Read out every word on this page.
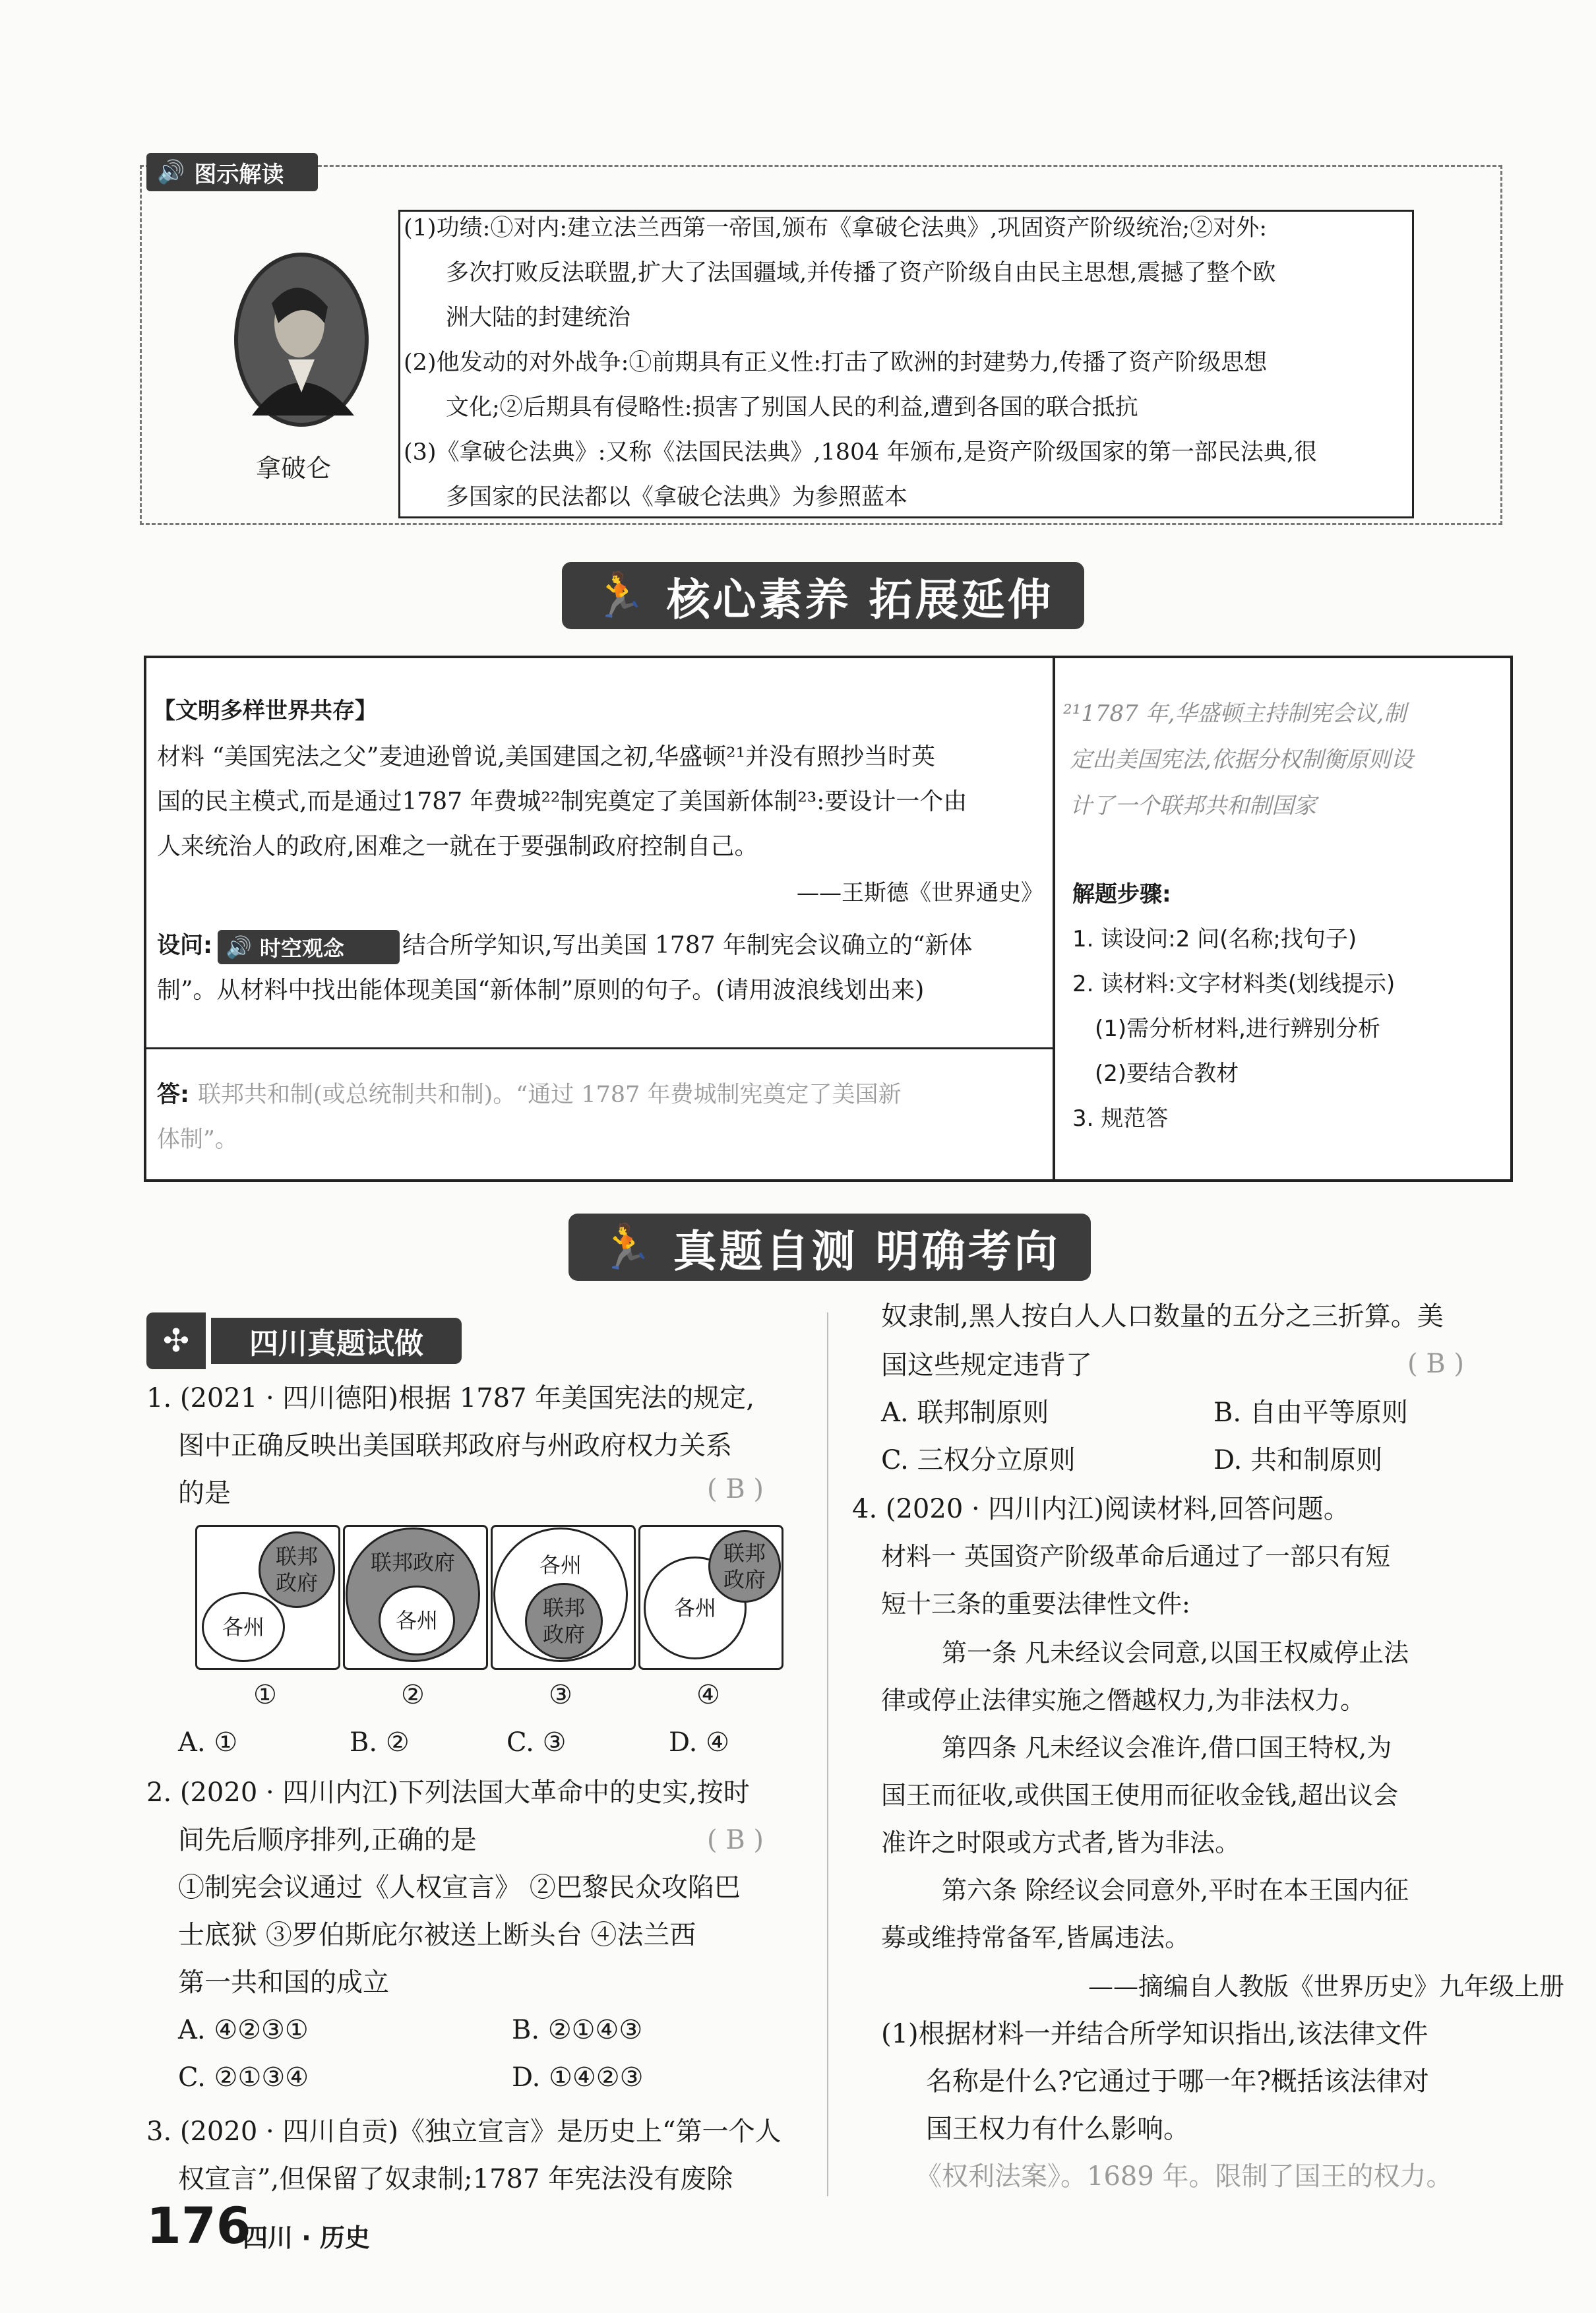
🔊 图示解读
拿破仑
(1)功绩:①对内:建立法兰西第一帝国,颁布《拿破仑法典》,巩固资产阶级统治;②对外:
多次打败反法联盟,扩大了法国疆域,并传播了资产阶级自由民主思想,震撼了整个欧
洲大陆的封建统治
(2)他发动的对外战争:①前期具有正义性:打击了欧洲的封建势力,传播了资产阶级思想
文化;②后期具有侵略性:损害了别国人民的利益,遭到各国的联合抵抗
(3)《拿破仑法典》:又称《法国民法典》,1804 年颁布,是资产阶级国家的第一部民法典,很
多国家的民法都以《拿破仑法典》为参照蓝本
🏃 核心素养 拓展延伸
【文明多样世界共存】
材料 “美国宪法之父”麦迪逊曾说,美国建国之初,华盛顿²¹并没有照抄当时英
国的民主模式,而是通过1787 年费城²²制宪奠定了美国新体制²³:要设计一个由
人来统治人的政府,困难之一就在于要强制政府控制自己。
——王斯德《世界通史》
设问: 🔊 时空观念 结合所学知识,写出美国 1787 年制宪会议确立的“新体
制”。从材料中找出能体现美国“新体制”原则的句子。(请用波浪线划出来)
答: 联邦共和制(或总统制共和制)。“通过 1787 年费城制宪奠定了美国新
体制”。
²¹1787 年,华盛顿主持制宪会议,制
定出美国宪法,依据分权制衡原则设
计了一个联邦共和制国家
解题步骤:
1. 读设问:2 问(名称;找句子)
2. 读材料:文字材料类(划线提示)
(1)需分析材料,进行辨别分析
(2)要结合教材
3. 规范答
🏃 真题自测 明确考向
✣	四川真题试做
1. (2021 · 四川德阳)根据 1787 年美国宪法的规定,
图中正确反映出美国联邦政府与州政府权力关系
的是	( B )
各州
联邦
政府
联邦政府
各州
各州
联邦
政府
各州
联邦
政府
①	②	③	④
A. ①	B. ②	C. ③	D. ④
2. (2020 · 四川内江)下列法国大革命中的史实,按时
间先后顺序排列,正确的是	( B )
①制宪会议通过《人权宣言》 ②巴黎民众攻陷巴
士底狱 ③罗伯斯庇尔被送上断头台 ④法兰西
第一共和国的成立
A. ④②③①	B. ②①④③
C. ②①③④	D. ①④②③
3. (2020 · 四川自贡)《独立宣言》是历史上“第一个人
权宣言”,但保留了奴隶制;1787 年宪法没有废除
奴隶制,黑人按白人人口数量的五分之三折算。美
国这些规定违背了	( B )
A. 联邦制原则	B. 自由平等原则
C. 三权分立原则	D. 共和制原则
4. (2020 · 四川内江)阅读材料,回答问题。
材料一 英国资产阶级革命后通过了一部只有短
短十三条的重要法律性文件:
第一条 凡未经议会同意,以国王权威停止法
律或停止法律实施之僭越权力,为非法权力。
第四条 凡未经议会准许,借口国王特权,为
国王而征收,或供国王使用而征收金钱,超出议会
准许之时限或方式者,皆为非法。
第六条 除经议会同意外,平时在本王国内征
募或维持常备军,皆属违法。
——摘编自人教版《世界历史》九年级上册
(1)根据材料一并结合所学知识指出,该法律文件
名称是什么?它通过于哪一年?概括该法律对
国王权力有什么影响。
《权利法案》。1689 年。限制了国王的权力。
176
四川 · 历史
